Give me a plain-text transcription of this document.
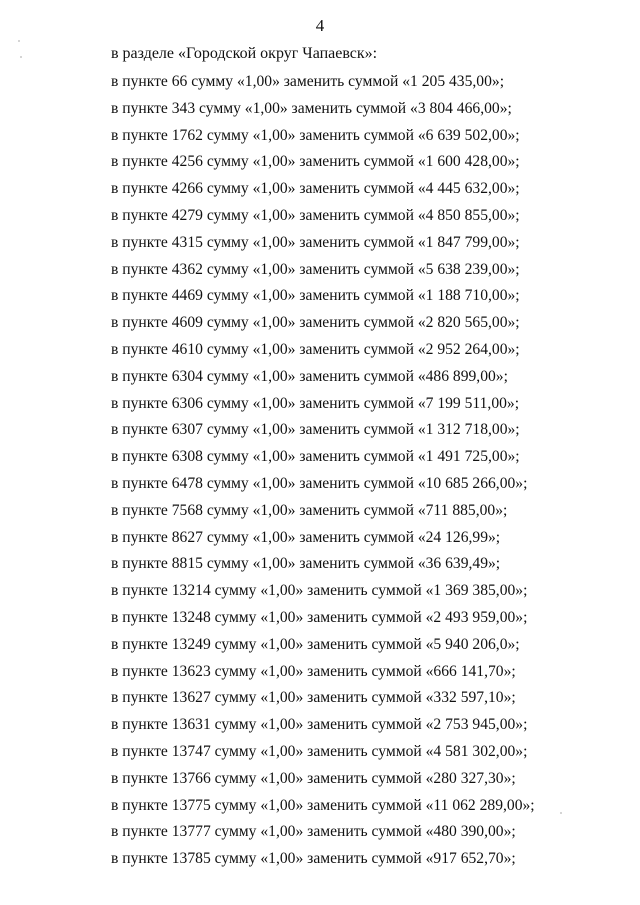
4
в разделе «Городской округ Чапаевск»:
в пункте 66 сумму «1,00» заменить суммой «1 205 435,00»;
в пункте 343 сумму «1,00» заменить суммой «3 804 466,00»;
в пункте 1762 сумму «1,00» заменить суммой «6 639 502,00»;
в пункте 4256 сумму «1,00» заменить суммой «1 600 428,00»;
в пункте 4266 сумму «1,00» заменить суммой «4 445 632,00»;
в пункте 4279 сумму «1,00» заменить суммой «4 850 855,00»;
в пункте 4315 сумму «1,00» заменить суммой «1 847 799,00»;
в пункте 4362 сумму «1,00» заменить суммой «5 638 239,00»;
в пункте 4469 сумму «1,00» заменить суммой «1 188 710,00»;
в пункте 4609 сумму «1,00» заменить суммой «2 820 565,00»;
в пункте 4610 сумму «1,00» заменить суммой «2 952 264,00»;
в пункте 6304 сумму «1,00» заменить суммой «486 899,00»;
в пункте 6306 сумму «1,00» заменить суммой «7 199 511,00»;
в пункте 6307 сумму «1,00» заменить суммой «1 312 718,00»;
в пункте 6308 сумму «1,00» заменить суммой «1 491 725,00»;
в пункте 6478 сумму «1,00» заменить суммой «10 685 266,00»;
в пункте 7568 сумму «1,00» заменить суммой «711 885,00»;
в пункте 8627 сумму «1,00» заменить суммой «24 126,99»;
в пункте 8815 сумму «1,00» заменить суммой «36 639,49»;
в пункте 13214 сумму «1,00» заменить суммой «1 369 385,00»;
в пункте 13248 сумму «1,00» заменить суммой «2 493 959,00»;
в пункте 13249 сумму «1,00» заменить суммой «5 940 206,0»;
в пункте 13623 сумму «1,00» заменить суммой «666 141,70»;
в пункте 13627 сумму «1,00» заменить суммой «332 597,10»;
в пункте 13631 сумму «1,00» заменить суммой «2 753 945,00»;
в пункте 13747 сумму «1,00» заменить суммой «4 581 302,00»;
в пункте 13766 сумму «1,00» заменить суммой «280 327,30»;
в пункте 13775 сумму «1,00» заменить суммой «11 062 289,00»;
в пункте 13777 сумму «1,00» заменить суммой «480 390,00»;
в пункте 13785 сумму «1,00» заменить суммой «917 652,70»;
